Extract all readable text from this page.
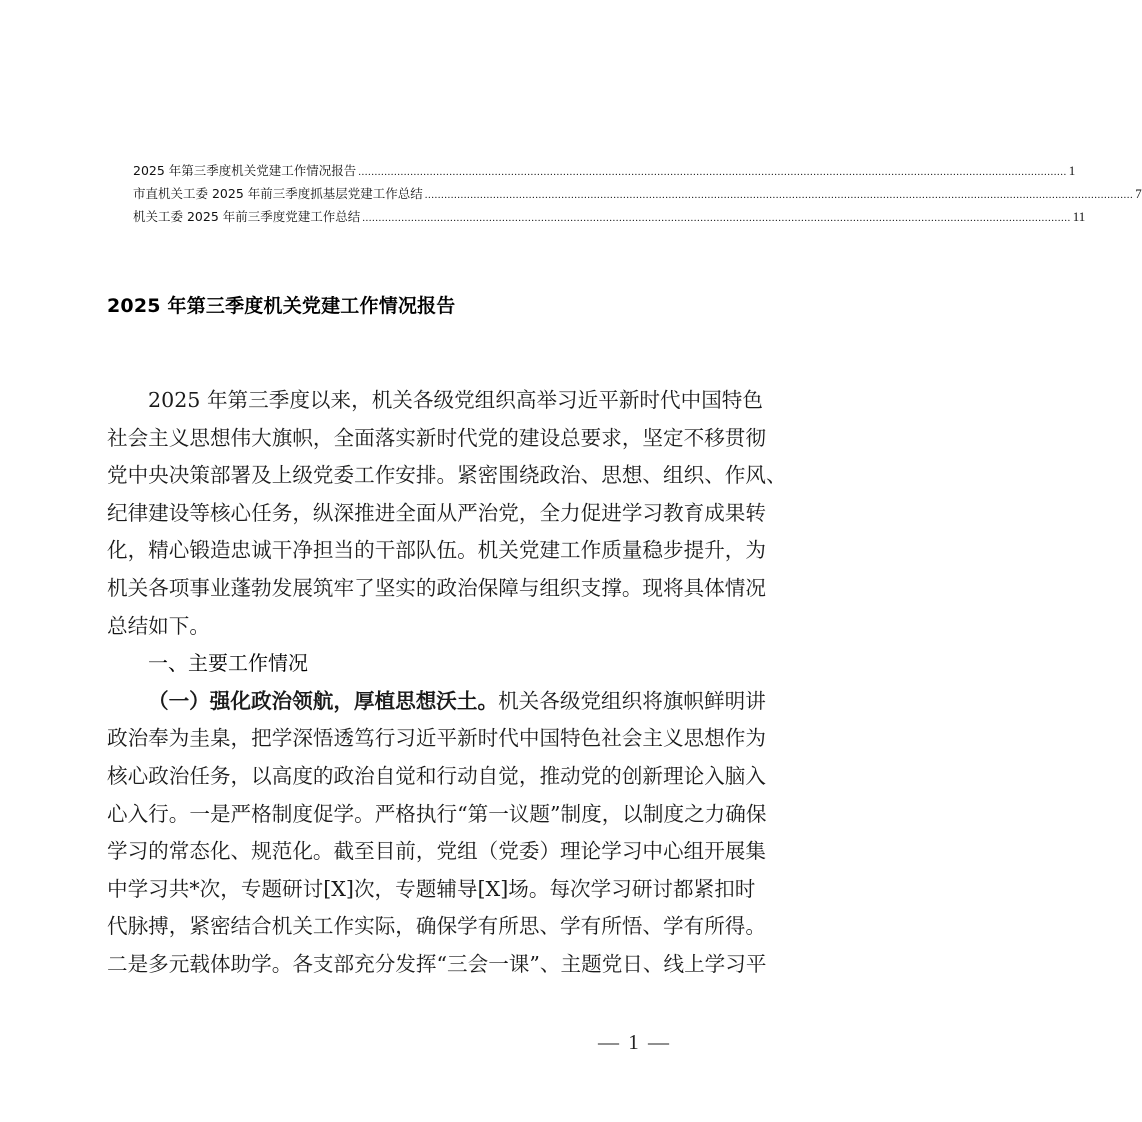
2025 年第三季度机关党建工作情况报告 .....	1
市直机关工委 2025 年前三季度抓基层党建工作总结 .....	7
机关工委 2025 年前三季度党建工作总结 .....	11
2025 年第三季度机关党建工作情况报告
2025 年第三季度以来，机关各级党组织高举习近平新时代中国特色
社会主义思想伟大旗帜，全面落实新时代党的建设总要求，坚定不移贯彻
党中央决策部署及上级党委工作安排。紧密围绕政治、思想、组织、作风、
纪律建设等核心任务，纵深推进全面从严治党，全力促进学习教育成果转
化，精心锻造忠诚干净担当的干部队伍。机关党建工作质量稳步提升，为
机关各项事业蓬勃发展筑牢了坚实的政治保障与组织支撑。现将具体情况
总结如下。
一、主要工作情况
（一）强化政治领航，厚植思想沃土。机关各级党组织将旗帜鲜明讲
政治奉为圭臬，把学深悟透笃行习近平新时代中国特色社会主义思想作为
核心政治任务，以高度的政治自觉和行动自觉，推动党的创新理论入脑入
心入行。一是严格制度促学。严格执行“第一议题”制度，以制度之力确保
学习的常态化、规范化。截至目前，党组（党委）理论学习中心组开展集
中学习共*次，专题研讨[X]次，专题辅导[X]场。每次学习研讨都紧扣时
代脉搏，紧密结合机关工作实际，确保学有所思、学有所悟、学有所得。
二是多元载体助学。各支部充分发挥“三会一课”、主题党日、线上学习平
— 1 —
